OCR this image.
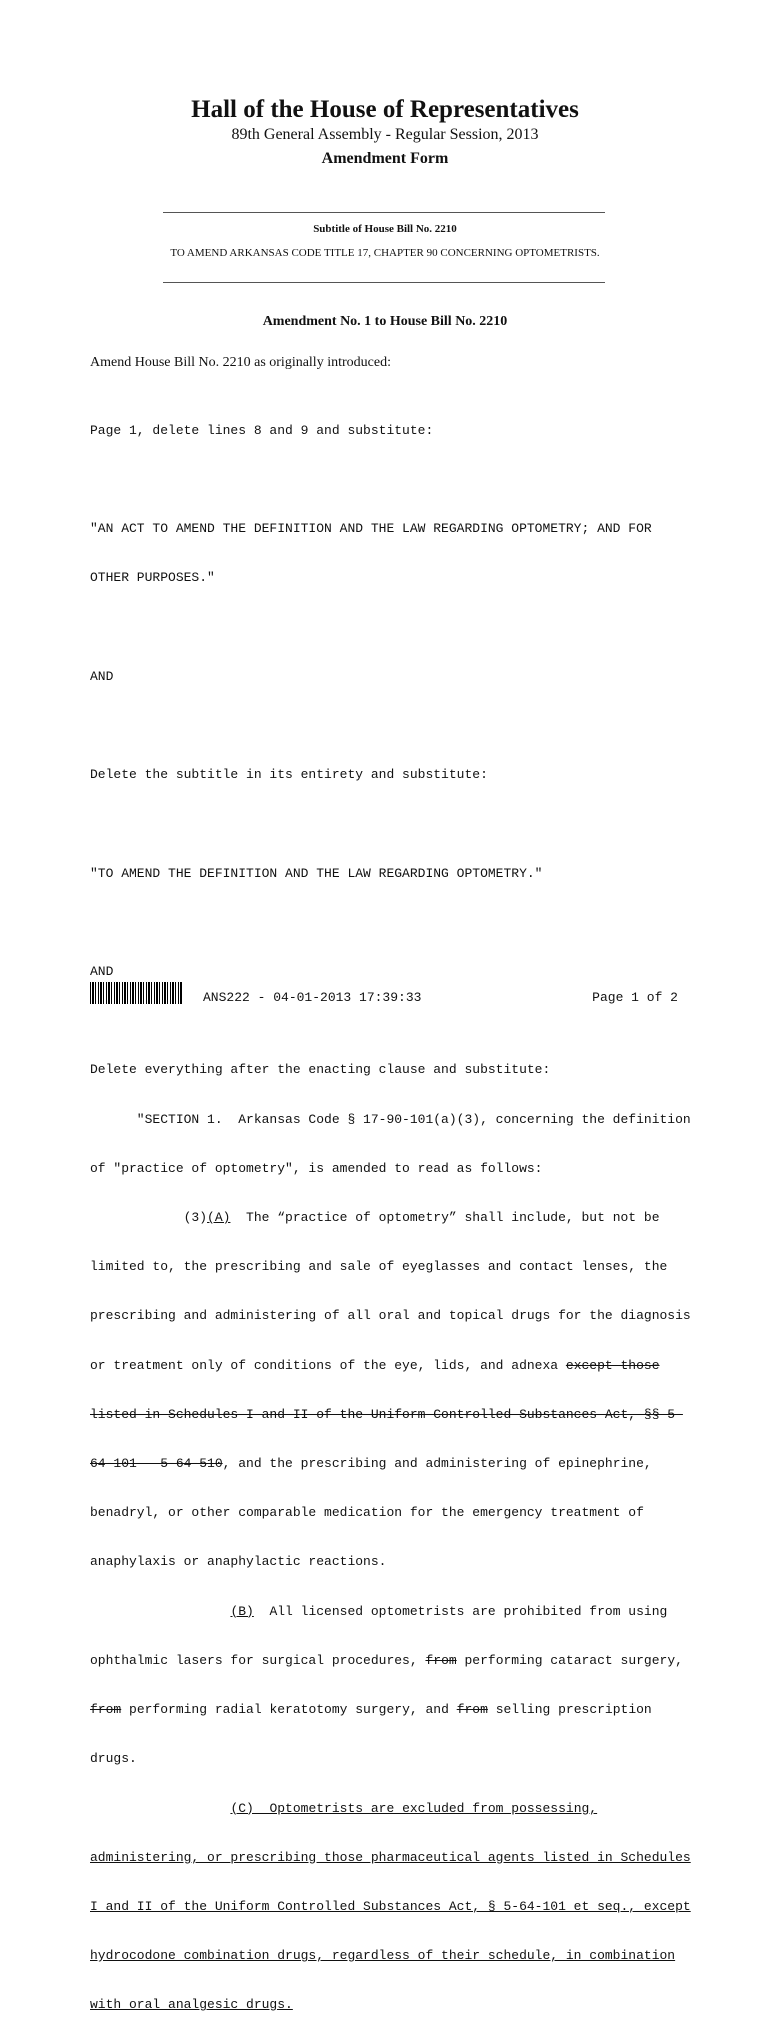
Hall of the House of Representatives
89th General Assembly - Regular Session, 2013
Amendment Form
Subtitle of House Bill No. 2210
TO AMEND ARKANSAS CODE TITLE 17, CHAPTER 90 CONCERNING OPTOMETRISTS.
Amendment No. 1 to House Bill No. 2210
Amend House Bill No. 2210 as originally introduced:

Page 1, delete lines 8 and 9 and substitute:

"AN ACT TO AMEND THE DEFINITION AND THE LAW REGARDING OPTOMETRY; AND FOR

OTHER PURPOSES."

AND

Delete the subtitle in its entirety and substitute:

"TO AMEND THE DEFINITION AND THE LAW REGARDING OPTOMETRY."

AND

Delete everything after the enacting clause and substitute:

"SECTION 1.  Arkansas Code § 17-90-101(a)(3), concerning the definition

of "practice of optometry", is amended to read as follows:

(3)(A)  The “practice of optometry” shall include, but not be

limited to, the prescribing and sale of eyeglasses and contact lenses, the

prescribing and administering of all oral and topical drugs for the diagnosis

or treatment only of conditions of the eye, lids, and adnexa except those

listed in Schedules I and II of the Uniform Controlled Substances Act, §§ 5-

64-101 — 5-64-510, and the prescribing and administering of epinephrine,

benadryl, or other comparable medication for the emergency treatment of

anaphylaxis or anaphylactic reactions.

(B)  All licensed optometrists are prohibited from using

ophthalmic lasers for surgical procedures, from performing cataract surgery,

from performing radial keratotomy surgery, and from selling prescription

drugs.

(C)  Optometrists are excluded from possessing,

administering, or prescribing those pharmaceutical agents listed in Schedules

I and II of the Uniform Controlled Substances Act, § 5-64-101 et seq., except

hydrocodone combination drugs, regardless of their schedule, in combination

with oral analgesic drugs.

ANS222 - 04-01-2013 17:39:33	Page 1 of 2
